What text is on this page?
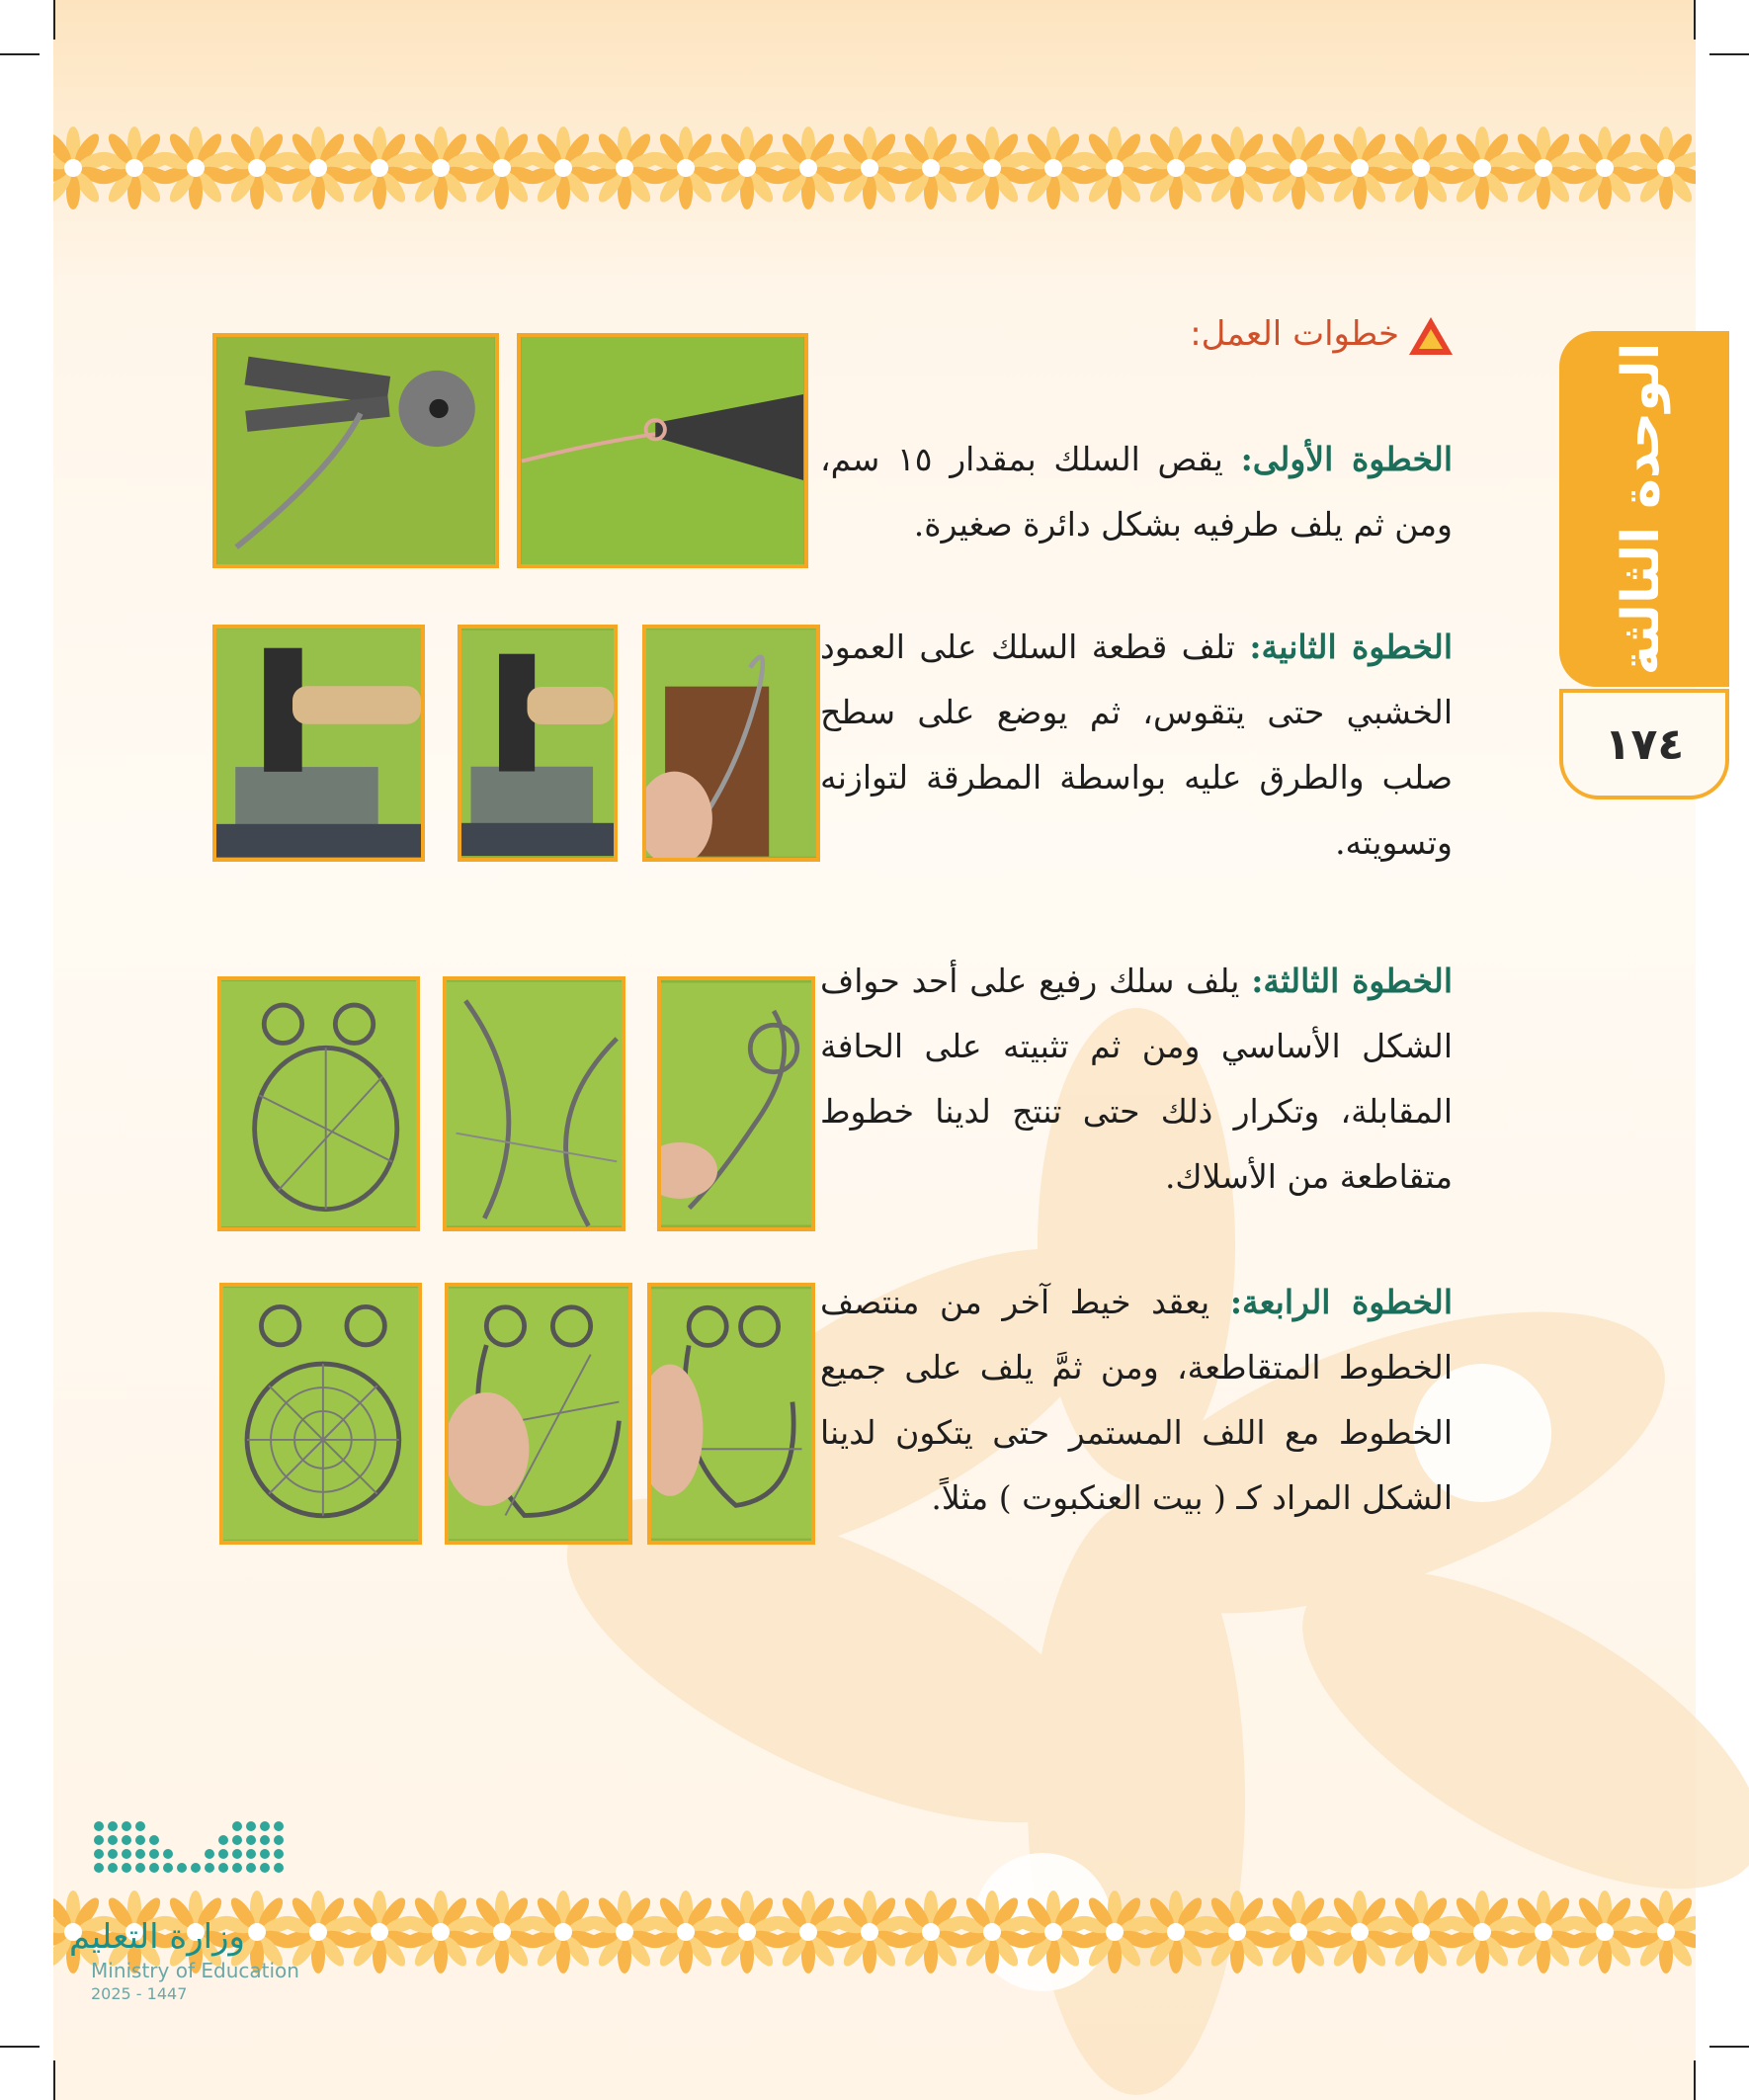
الوحدة الثالثة
١٧٤
خطوات العمل:
الخطوة الأولى: يقص السلك بمقدار ١٥ سم، ومن ثم يلف طرفيه بشكل دائرة صغيرة.
الخطوة الثانية: تلف قطعة السلك على العمود الخشبي حتى يتقوس، ثم يوضع على سطح صلب والطرق عليه بواسطة المطرقة لتوازنه وتسويته.
الخطوة الثالثة: يلف سلك رفيع على أحد حواف الشكل الأساسي ومن ثم تثبيته على الحافة المقابلة، وتكرار ذلك حتى تنتج لدينا خطوط متقاطعة من الأسلاك.
الخطوة الرابعة: يعقد خيط آخر من منتصف الخطوط المتقاطعة، ومن ثمَّ يلف على جميع الخطوط مع اللف المستمر حتى يتكون لدينا الشكل المراد كـ ( بيت العنكبوت ) مثلاً.
وزارة التعليم
Ministry of Education
2025 - 1447
